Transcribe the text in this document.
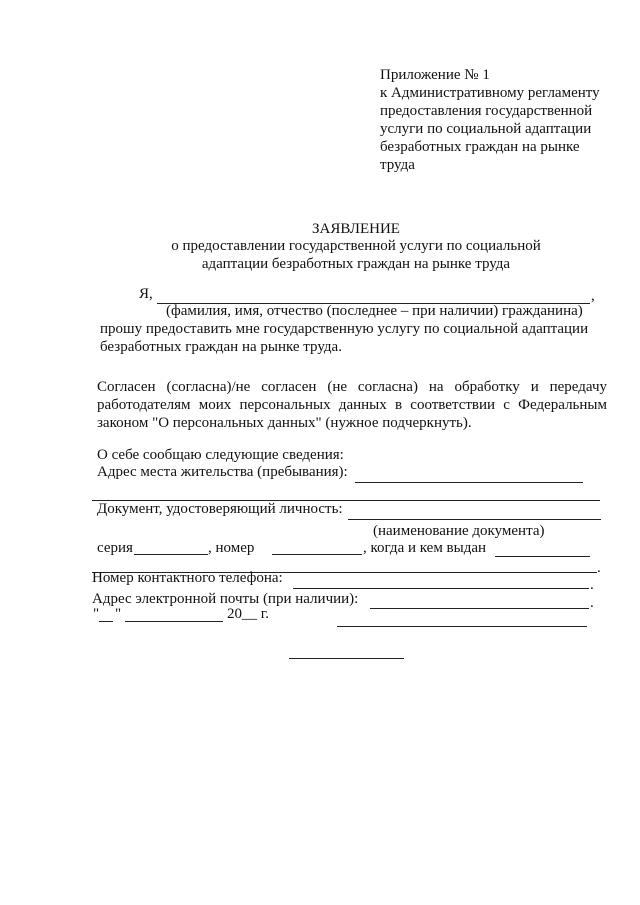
Приложение № 1
к Административному регламенту
предоставления государственной
услуги по социальной адаптации
безработных граждан на рынке
труда
ЗАЯВЛЕНИЕ
о предоставлении государственной услуги по социальной
адаптации безработных граждан на рынке труда
Я,	,
(фамилия, имя, отчество (последнее – при наличии) гражданина)
прошу предоставить мне государственную услугу по социальной адаптации
безработных граждан на рынке труда.
Согласен (согласна)/не согласен (не согласна) на обработку и передачу
работодателям моих персональных данных в соответствии с Федеральным
законом "О персональных данных" (нужное подчеркнуть).
О себе сообщаю следующие сведения:
Адрес места жительства (пребывания):
Документ, удостоверяющий личность:
(наименование документа)
серия	, номер	, когда и кем выдан
.
Номер контактного телефона:	.
Адрес электронной почты (при наличии):	.
" "	20__ г.
